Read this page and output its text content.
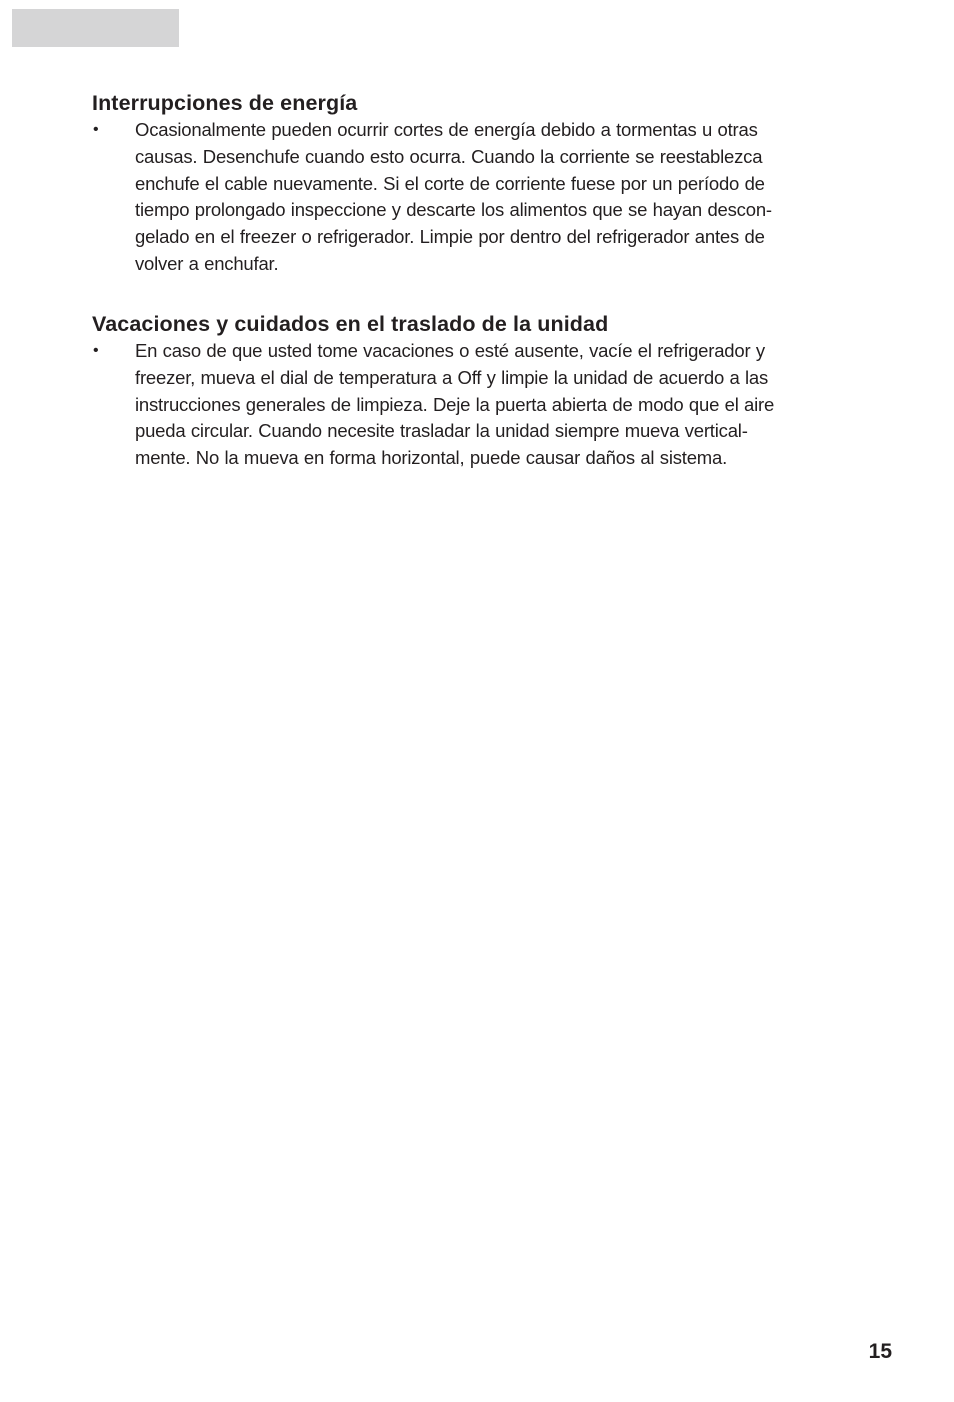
Interrupciones de energía
•	Ocasionalmente pueden ocurrir cortes de energía debido a tormentas u otras
causas. Desenchufe cuando esto ocurra. Cuando la corriente se reestablezca
enchufe el cable nuevamente. Si el corte de corriente fuese por un período de
tiempo prolongado inspeccione y descarte los alimentos que se hayan descon-
gelado en el freezer o refrigerador. Limpie por dentro del refrigerador antes de
volver a enchufar.
Vacaciones y cuidados en el traslado de la unidad
•	En caso de que usted tome vacaciones o esté ausente, vacíe el refrigerador y
freezer, mueva el dial de temperatura a Off y limpie la unidad de acuerdo a las
instrucciones generales de limpieza. Deje la puerta abierta de modo que el aire
pueda circular. Cuando necesite trasladar la unidad siempre mueva vertical-
mente. No la mueva en forma horizontal, puede causar daños al sistema.
15
